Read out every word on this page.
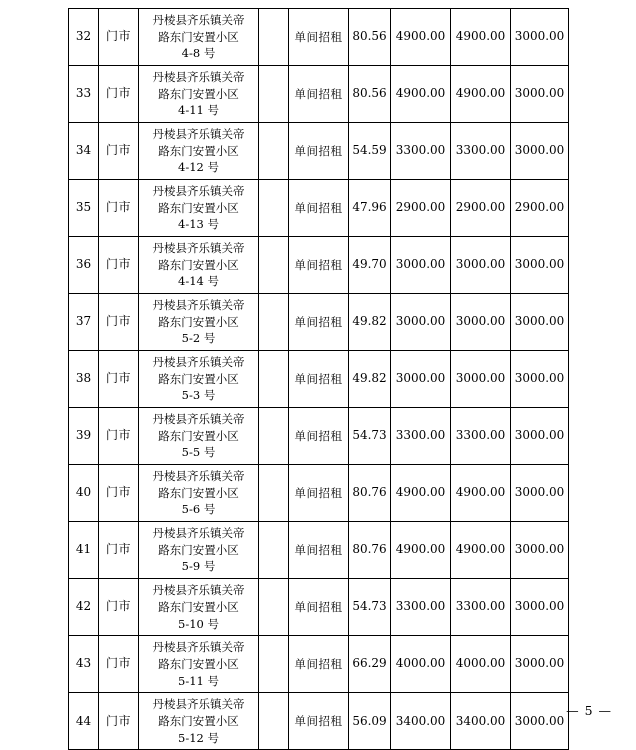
32	门市	丹棱县齐乐镇关帝
路东门安置小区
4-8 号		单间招租	80.56	4900.00	4900.00	3000.00
33	门市	丹棱县齐乐镇关帝
路东门安置小区
4-11 号		单间招租	80.56	4900.00	4900.00	3000.00
34	门市	丹棱县齐乐镇关帝
路东门安置小区
4-12 号		单间招租	54.59	3300.00	3300.00	3000.00
35	门市	丹棱县齐乐镇关帝
路东门安置小区
4-13 号		单间招租	47.96	2900.00	2900.00	2900.00
36	门市	丹棱县齐乐镇关帝
路东门安置小区
4-14 号		单间招租	49.70	3000.00	3000.00	3000.00
37	门市	丹棱县齐乐镇关帝
路东门安置小区
5-2 号		单间招租	49.82	3000.00	3000.00	3000.00
38	门市	丹棱县齐乐镇关帝
路东门安置小区
5-3 号		单间招租	49.82	3000.00	3000.00	3000.00
39	门市	丹棱县齐乐镇关帝
路东门安置小区
5-5 号		单间招租	54.73	3300.00	3300.00	3000.00
40	门市	丹棱县齐乐镇关帝
路东门安置小区
5-6 号		单间招租	80.76	4900.00	4900.00	3000.00
41	门市	丹棱县齐乐镇关帝
路东门安置小区
5-9 号		单间招租	80.76	4900.00	4900.00	3000.00
42	门市	丹棱县齐乐镇关帝
路东门安置小区
5-10 号		单间招租	54.73	3300.00	3300.00	3000.00
43	门市	丹棱县齐乐镇关帝
路东门安置小区
5-11 号		单间招租	66.29	4000.00	4000.00	3000.00
44	门市	丹棱县齐乐镇关帝
路东门安置小区
5-12 号		单间招租	56.09	3400.00	3400.00	3000.00
— 5 —
